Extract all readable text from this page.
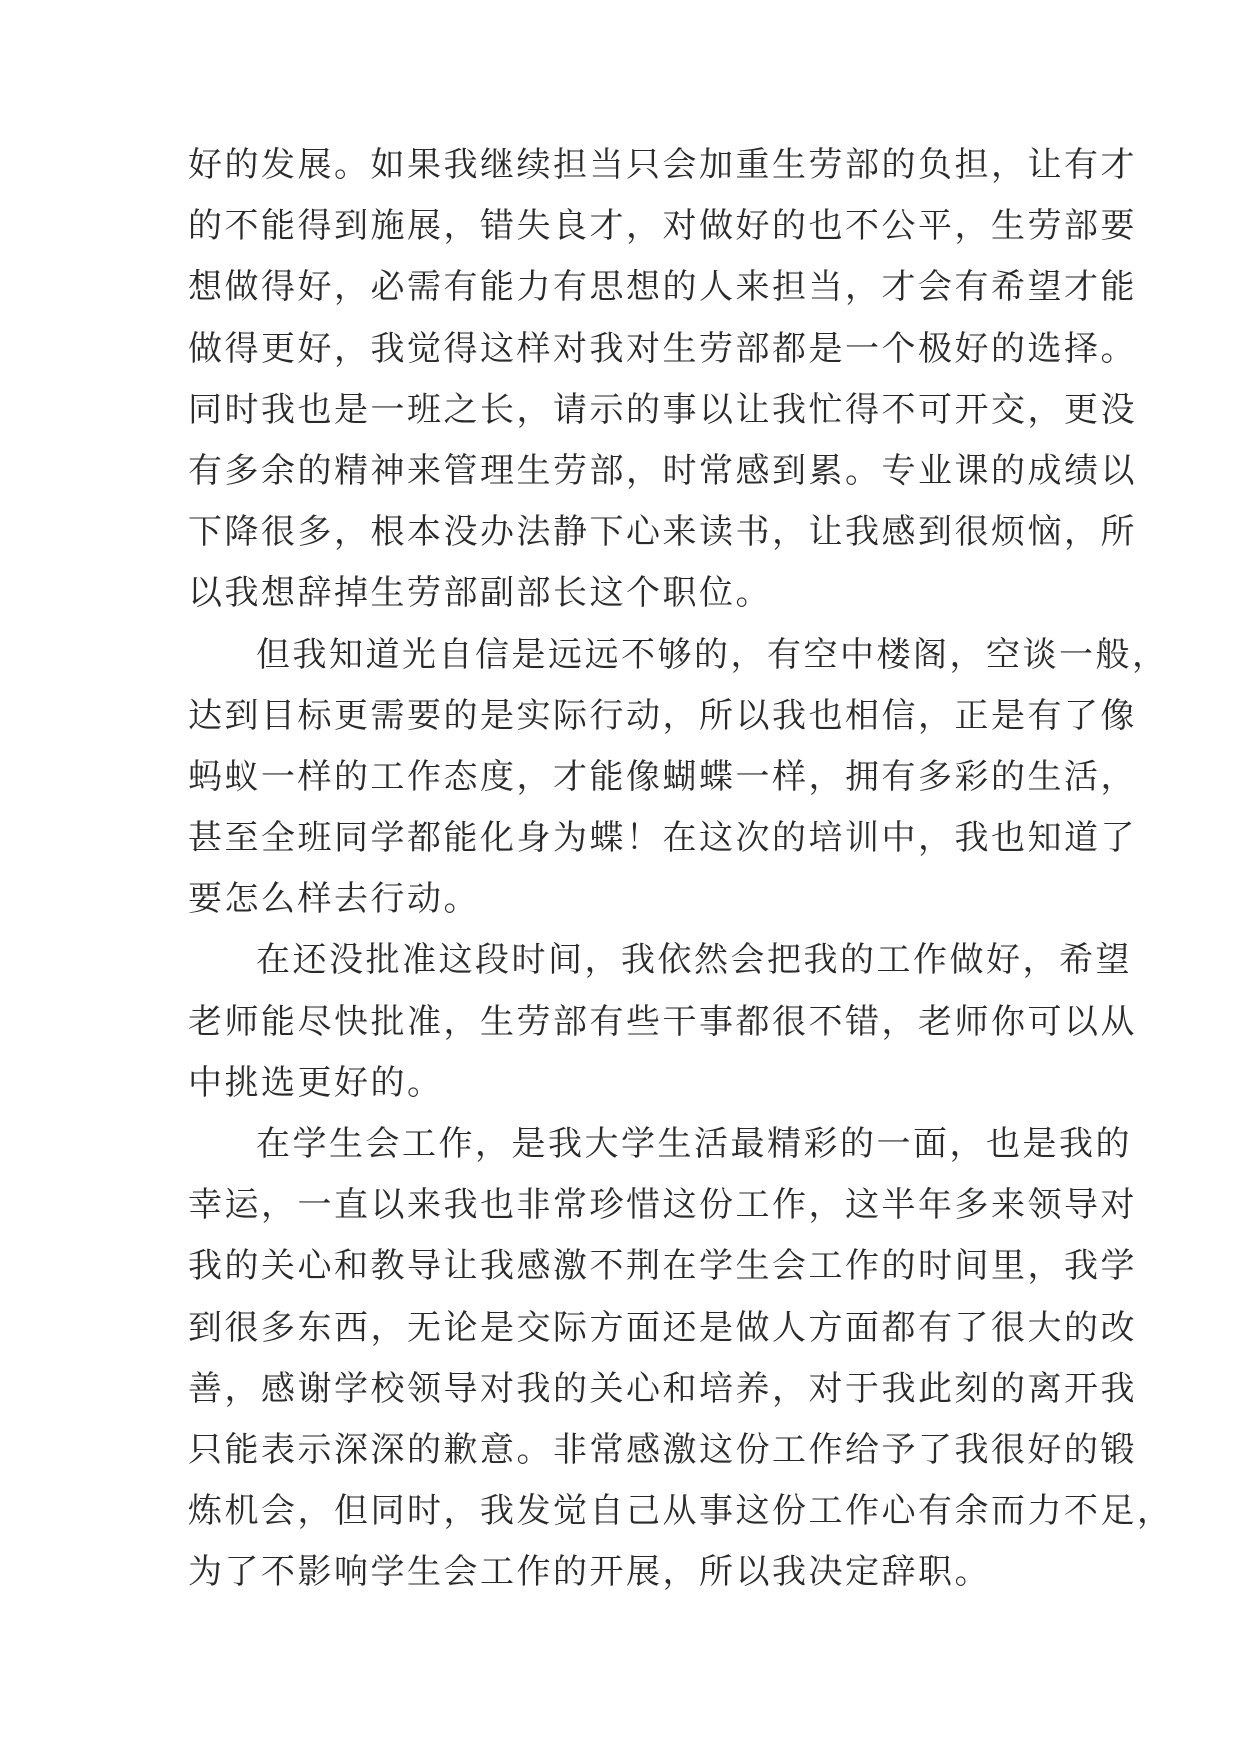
好的发展。如果我继续担当只会加重生劳部的负担，让有才
的不能得到施展，错失良才，对做好的也不公平，生劳部要
想做得好，必需有能力有思想的人来担当，才会有希望才能
做得更好，我觉得这样对我对生劳部都是一个极好的选择。
同时我也是一班之长，请示的事以让我忙得不可开交，更没
有多余的精神来管理生劳部，时常感到累。专业课的成绩以
下降很多，根本没办法静下心来读书，让我感到很烦恼，所
以我想辞掉生劳部副部长这个职位。
但我知道光自信是远远不够的，有空中楼阁，空谈一般，
达到目标更需要的是实际行动，所以我也相信，正是有了像
蚂蚁一样的工作态度，才能像蝴蝶一样，拥有多彩的生活，
甚至全班同学都能化身为蝶！在这次的培训中，我也知道了
要怎么样去行动。
在还没批准这段时间，我依然会把我的工作做好，希望
老师能尽快批准，生劳部有些干事都很不错，老师你可以从
中挑选更好的。
在学生会工作，是我大学生活最精彩的一面，也是我的
幸运，一直以来我也非常珍惜这份工作，这半年多来领导对
我的关心和教导让我感激不荆在学生会工作的时间里，我学
到很多东西，无论是交际方面还是做人方面都有了很大的改
善，感谢学校领导对我的关心和培养，对于我此刻的离开我
只能表示深深的歉意。非常感激这份工作给予了我很好的锻
炼机会，但同时，我发觉自己从事这份工作心有余而力不足，
为了不影响学生会工作的开展，所以我决定辞职。
